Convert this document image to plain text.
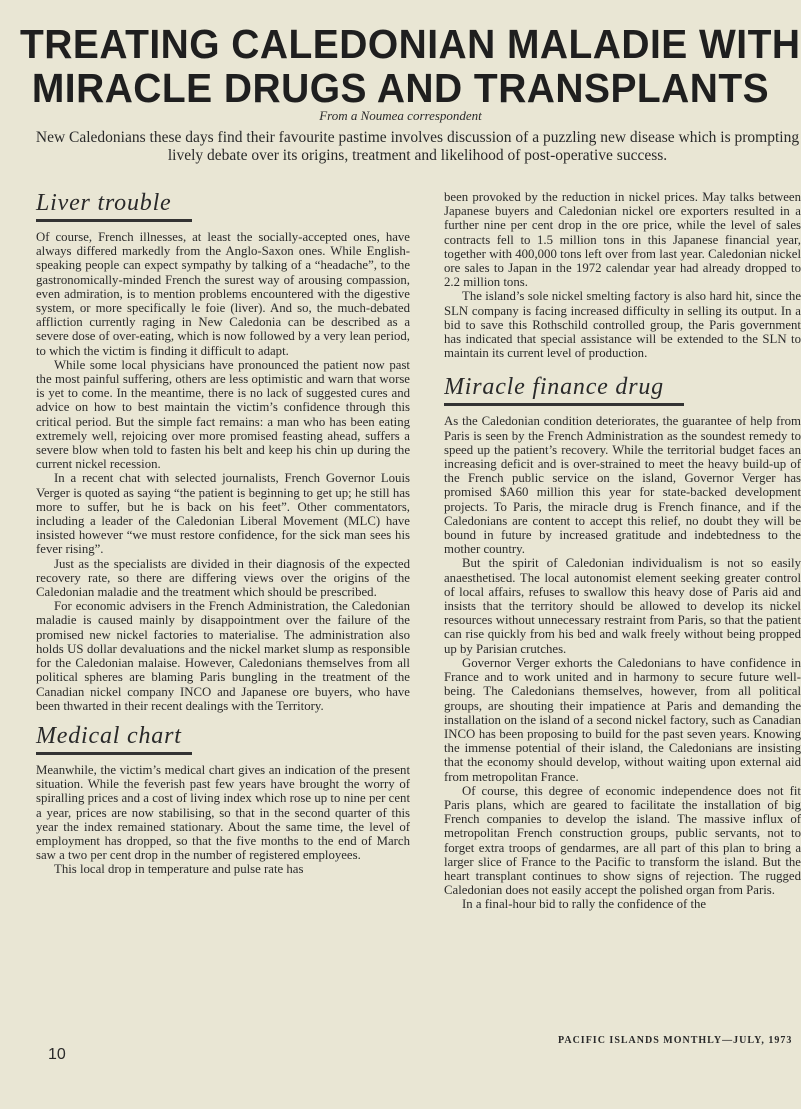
TREATING CALEDONIAN MALADIE WITH
MIRACLE DRUGS AND TRANSPLANTS
From a Noumea correspondent
New Caledonians these days find their favourite pastime involves discussion of a puzzling new disease which is prompting lively debate over its origins, treatment and likelihood of post-operative success.
Liver trouble

Of course, French illnesses, at least the socially-accepted ones, have always differed markedly from the Anglo-Saxon ones. While English-speaking people can expect sympathy by talking of a “headache”, to the gastronomically-minded French the surest way of arousing compassion, even admiration, is to mention problems encountered with the digestive system, or more specifically le foie (liver). And so, the much-debated affliction currently raging in New Caledonia can be described as a severe dose of over-eating, which is now followed by a very lean period, to which the victim is finding it difficult to adapt.

While some local physicians have pronounced the patient now past the most painful suffering, others are less optimistic and warn that worse is yet to come. In the meantime, there is no lack of suggested cures and advice on how to best maintain the victim’s confidence through this critical period. But the simple fact remains: a man who has been eating extremely well, rejoicing over more promised feasting ahead, suffers a severe blow when told to fasten his belt and keep his chin up during the current nickel recession.

In a recent chat with selected journalists, French Governor Louis Verger is quoted as saying “the patient is beginning to get up; he still has more to suffer, but he is back on his feet”. Other commentators, including a leader of the Caledonian Liberal Movement (MLC) have insisted however “we must restore confidence, for the sick man sees his fever rising”.

Just as the specialists are divided in their diagnosis of the expected recovery rate, so there are differing views over the origins of the Caledonian maladie and the treatment which should be prescribed.

For economic advisers in the French Administration, the Caledonian maladie is caused mainly by disappointment over the failure of the promised new nickel factories to materialise. The administration also holds US dollar devaluations and the nickel market slump as responsible for the Caledonian malaise. However, Caledonians themselves from all political spheres are blaming Paris bungling in the treatment of the Canadian nickel company INCO and Japanese ore buyers, who have been thwarted in their recent dealings with the Territory.

Medical chart

Meanwhile, the victim’s medical chart gives an indication of the present situation. While the feverish past few years have brought the worry of spiralling prices and a cost of living index which rose up to nine per cent a year, prices are now stabilising, so that in the second quarter of this year the index remained stationary. About the same time, the level of employment has dropped, so that the five months to the end of March saw a two per cent drop in the number of registered employees.

This local drop in temperature and pulse rate has

been provoked by the reduction in nickel prices. May talks between Japanese buyers and Caledonian nickel ore exporters resulted in a further nine per cent drop in the ore price, while the level of sales contracts fell to 1.5 million tons in this Japanese financial year, together with 400,000 tons left over from last year. Caledonian nickel ore sales to Japan in the 1972 calendar year had already dropped to 2.2 million tons.

The island’s sole nickel smelting factory is also hard hit, since the SLN company is facing increased difficulty in selling its output. In a bid to save this Rothschild controlled group, the Paris government has indicated that special assistance will be extended to the SLN to maintain its current level of production.

Miracle finance drug

As the Caledonian condition deteriorates, the guarantee of help from Paris is seen by the French Administration as the soundest remedy to speed up the patient’s recovery. While the territorial budget faces an increasing deficit and is over-strained to meet the heavy build-up of the French public service on the island, Governor Verger has promised $A60 million this year for state-backed development projects. To Paris, the miracle drug is French finance, and if the Caledonians are content to accept this relief, no doubt they will be bound in future by increased gratitude and indebtedness to the mother country.

But the spirit of Caledonian individualism is not so easily anaesthetised. The local autonomist element seeking greater control of local affairs, refuses to swallow this heavy dose of Paris aid and insists that the territory should be allowed to develop its nickel resources without unnecessary restraint from Paris, so that the patient can rise quickly from his bed and walk freely without being propped up by Parisian crutches.

Governor Verger exhorts the Caledonians to have confidence in France and to work united and in harmony to secure future well-being. The Caledonians themselves, however, from all political groups, are shouting their impatience at Paris and demanding the installation on the island of a second nickel factory, such as Canadian INCO has been proposing to build for the past seven years. Knowing the immense potential of their island, the Caledonians are insisting that the economy should develop, without waiting upon external aid from metropolitan France.

Of course, this degree of economic independence does not fit Paris plans, which are geared to facilitate the installation of big French companies to develop the island. The massive influx of metropolitan French construction groups, public servants, not to forget extra troops of gendarmes, are all part of this plan to bring a larger slice of France to the Pacific to transform the island. But the heart transplant continues to show signs of rejection. The rugged Caledonian does not easily accept the polished organ from Paris.

In a final-hour bid to rally the confidence of the

10
PACIFIC ISLANDS MONTHLY—JULY, 1973
